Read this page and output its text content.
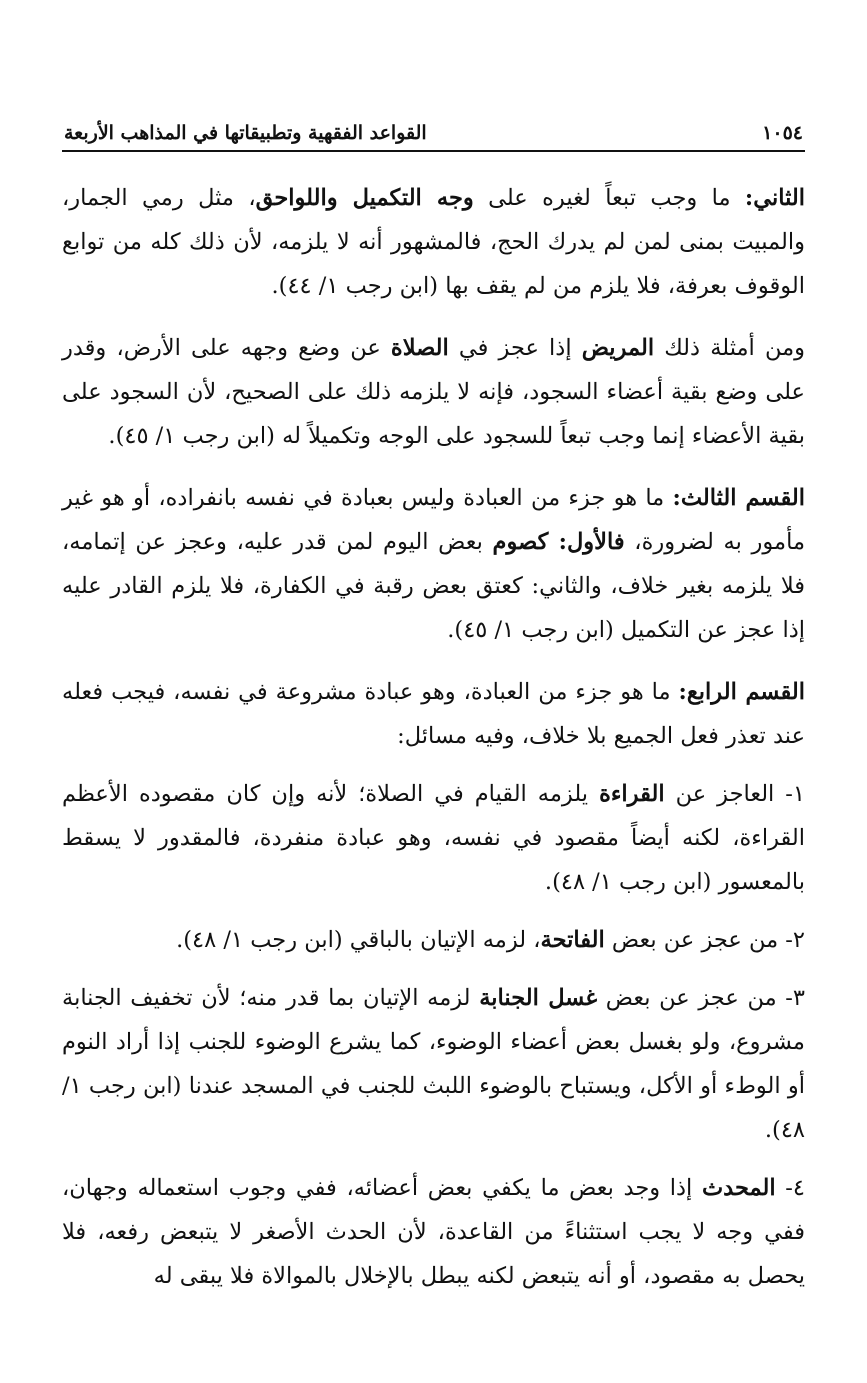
١٠٥٤
القواعد الفقهية وتطبيقاتها في المذاهب الأربعة

الثاني: ما وجب تبعاً لغيره على وجه التكميل واللواحق، مثل رمي الجمار، والمبيت بمنى لمن لم يدرك الحج، فالمشهور أنه لا يلزمه، لأن ذلك كله من توابع الوقوف بعرفة، فلا يلزم من لم يقف بها (ابن رجب ١/ ٤٤).

ومن أمثلة ذلك المريض إذا عجز في الصلاة عن وضع وجهه على الأرض، وقدر على وضع بقية أعضاء السجود، فإنه لا يلزمه ذلك على الصحيح، لأن السجود على بقية الأعضاء إنما وجب تبعاً للسجود على الوجه وتكميلاً له (ابن رجب ١/ ٤٥).

القسم الثالث: ما هو جزء من العبادة وليس بعبادة في نفسه بانفراده، أو هو غير مأمور به لضرورة، فالأول: كصوم بعض اليوم لمن قدر عليه، وعجز عن إتمامه، فلا يلزمه بغير خلاف، والثاني: كعتق بعض رقبة في الكفارة، فلا يلزم القادر عليه إذا عجز عن التكميل (ابن رجب ١/ ٤٥).

القسم الرابع: ما هو جزء من العبادة، وهو عبادة مشروعة في نفسه، فيجب فعله عند تعذر فعل الجميع بلا خلاف، وفيه مسائل:

١- العاجز عن القراءة يلزمه القيام في الصلاة؛ لأنه وإن كان مقصوده الأعظم القراءة، لكنه أيضاً مقصود في نفسه، وهو عبادة منفردة، فالمقدور لا يسقط بالمعسور (ابن رجب ١/ ٤٨).

٢- من عجز عن بعض الفاتحة، لزمه الإتيان بالباقي (ابن رجب ١/ ٤٨).

٣- من عجز عن بعض غسل الجنابة لزمه الإتيان بما قدر منه؛ لأن تخفيف الجنابة مشروع، ولو بغسل بعض أعضاء الوضوء، كما يشرع الوضوء للجنب إذا أراد النوم أو الوطء أو الأكل، ويستباح بالوضوء اللبث للجنب في المسجد عندنا (ابن رجب ١/ ٤٨).

٤- المحدث إذا وجد بعض ما يكفي بعض أعضائه، ففي وجوب استعماله وجهان، ففي وجه لا يجب استثناءً من القاعدة، لأن الحدث الأصغر لا يتبعض رفعه، فلا يحصل به مقصود، أو أنه يتبعض لكنه يبطل بالإخلال بالموالاة فلا يبقى له
